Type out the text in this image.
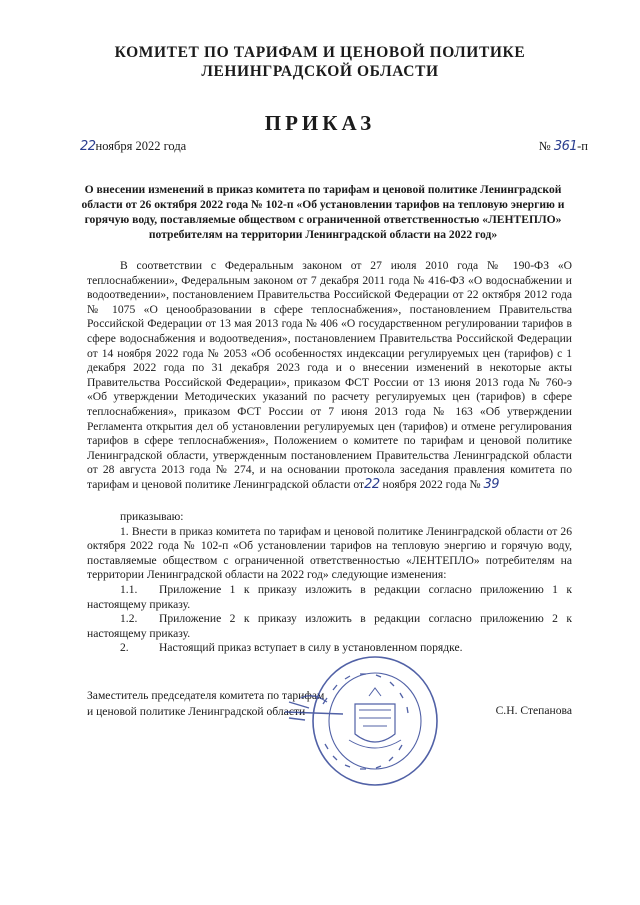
КОМИТЕТ ПО ТАРИФАМ И ЦЕНОВОЙ ПОЛИТИКЕ
ЛЕНИНГРАДСКОЙ ОБЛАСТИ
ПРИКАЗ
22ноября 2022 года	№ 361-п
О внесении изменений в приказ комитета по тарифам и ценовой политике Ленинградской области от 26 октября 2022 года № 102-п «Об установлении тарифов на тепловую энергию и горячую воду, поставляемые обществом с ограниченной ответственностью «ЛЕНТЕПЛО» потребителям на территории Ленинградской области на 2022 год»

В соответствии с Федеральным законом от 27 июля 2010 года № 190-ФЗ «О теплоснабжении», Федеральным законом от 7 декабря 2011 года № 416-ФЗ «О водоснабжении и водоотведении», постановлением Правительства Российской Федерации от 22 октября 2012 года № 1075 «О ценообразовании в сфере теплоснабжения», постановлением Правительства Российской Федерации от 13 мая 2013 года № 406 «О государственном регулировании тарифов в сфере водоснабжения и водоотведения», постановлением Правительства Российской Федерации от 14 ноября 2022 года № 2053 «Об особенностях индексации регулируемых цен (тарифов) с 1 декабря 2022 года по 31 декабря 2023 года и о внесении изменений в некоторые акты Правительства Российской Федерации», приказом ФСТ России от 13 июня 2013 года № 760-э «Об утверждении Методических указаний по расчету регулируемых цен (тарифов) в сфере теплоснабжения», приказом ФСТ России от 7 июня 2013 года № 163 «Об утверждении Регламента открытия дел об установлении регулируемых цен (тарифов) и отмене регулирования тарифов в сфере теплоснабжения», Положением о комитете по тарифам и ценовой политике Ленинградской области, утвержденным постановлением Правительства Ленинградской области от 28 августа 2013 года № 274, и на основании протокола заседания правления комитета по тарифам и ценовой политике Ленинградской области от22 ноября 2022 года № 39

приказываю:

1. Внести в приказ комитета по тарифам и ценовой политике Ленинградской области от 26 октября 2022 года № 102-п «Об установлении тарифов на тепловую энергию и горячую воду, поставляемые обществом с ограниченной ответственностью «ЛЕНТЕПЛО» потребителям на территории Ленинградской области на 2022 год» следующие изменения:

1.1.	Приложение 1 к приказу изложить в редакции согласно приложению 1 к настоящему приказу.
1.2.	Приложение 2 к приказу изложить в редакции согласно приложению 2 к настоящему приказу.
2.	Настоящий приказ вступает в силу в установленном порядке.
Заместитель председателя комитета по тарифам
и ценовой политике Ленинградской области	С.Н. Степанова
